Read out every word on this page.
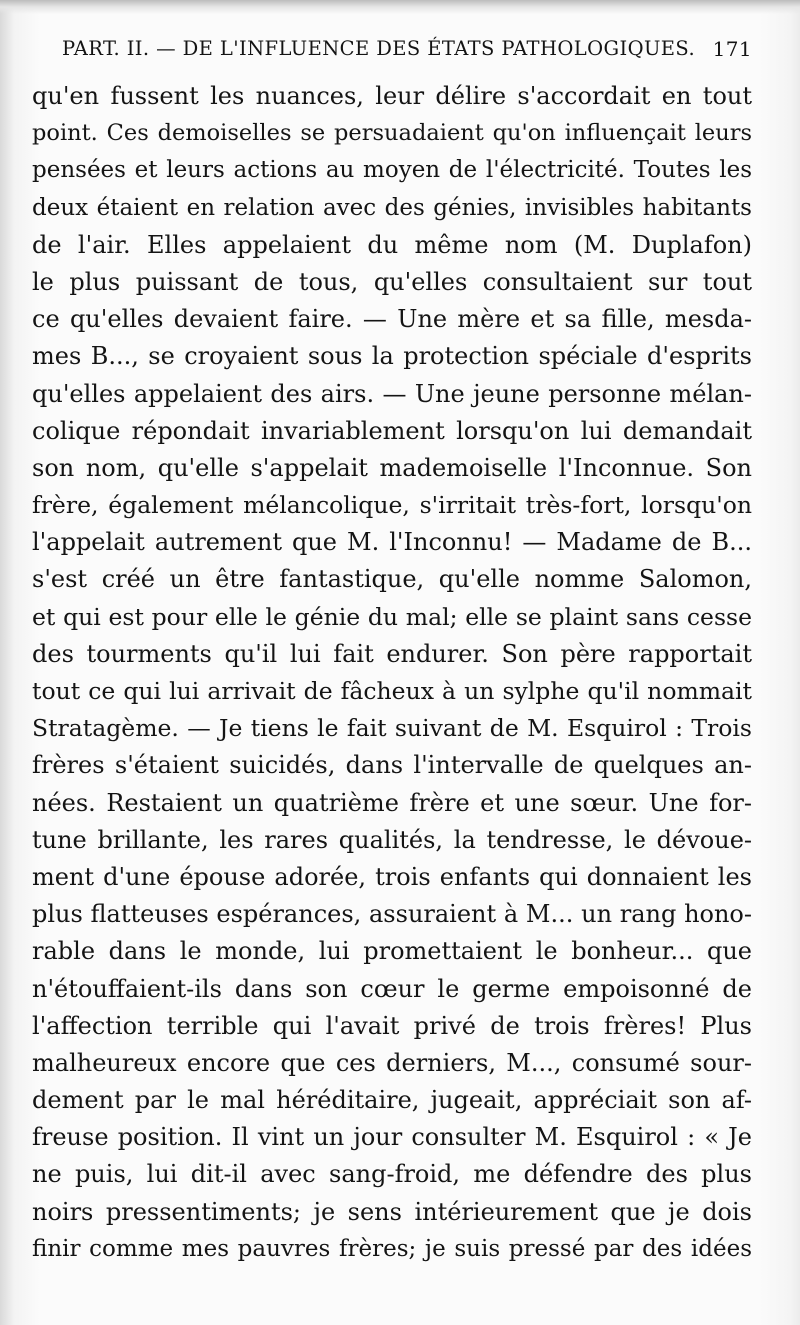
PART. II. — DE L'INFLUENCE DES ÉTATS PATHOLOGIQUES. 171
qu'en fussent les nuances, leur délire s'accordait en tout
point. Ces demoiselles se persuadaient qu'on influençait leurs
pensées et leurs actions au moyen de l'électricité. Toutes les
deux étaient en relation avec des génies, invisibles habitants
de l'air. Elles appelaient du même nom (M. Duplafon)
le plus puissant de tous, qu'elles consultaient sur tout
ce qu'elles devaient faire. — Une mère et sa fille, mesda-
mes B..., se croyaient sous la protection spéciale d'esprits
qu'elles appelaient des airs. — Une jeune personne mélan-
colique répondait invariablement lorsqu'on lui demandait
son nom, qu'elle s'appelait mademoiselle l'Inconnue. Son
frère, également mélancolique, s'irritait très-fort, lorsqu'on
l'appelait autrement que M. l'Inconnu! — Madame de B...
s'est créé un être fantastique, qu'elle nomme Salomon,
et qui est pour elle le génie du mal; elle se plaint sans cesse
des tourments qu'il lui fait endurer. Son père rapportait
tout ce qui lui arrivait de fâcheux à un sylphe qu'il nommait
Stratagème. — Je tiens le fait suivant de M. Esquirol : Trois
frères s'étaient suicidés, dans l'intervalle de quelques an-
nées. Restaient un quatrième frère et une sœur. Une for-
tune brillante, les rares qualités, la tendresse, le dévoue-
ment d'une épouse adorée, trois enfants qui donnaient les
plus flatteuses espérances, assuraient à M... un rang hono-
rable dans le monde, lui promettaient le bonheur... que
n'étouffaient-ils dans son cœur le germe empoisonné de
l'affection terrible qui l'avait privé de trois frères! Plus
malheureux encore que ces derniers, M..., consumé sour-
dement par le mal héréditaire, jugeait, appréciait son af-
freuse position. Il vint un jour consulter M. Esquirol : « Je
ne puis, lui dit-il avec sang-froid, me défendre des plus
noirs pressentiments; je sens intérieurement que je dois
finir comme mes pauvres frères; je suis pressé par des idées
